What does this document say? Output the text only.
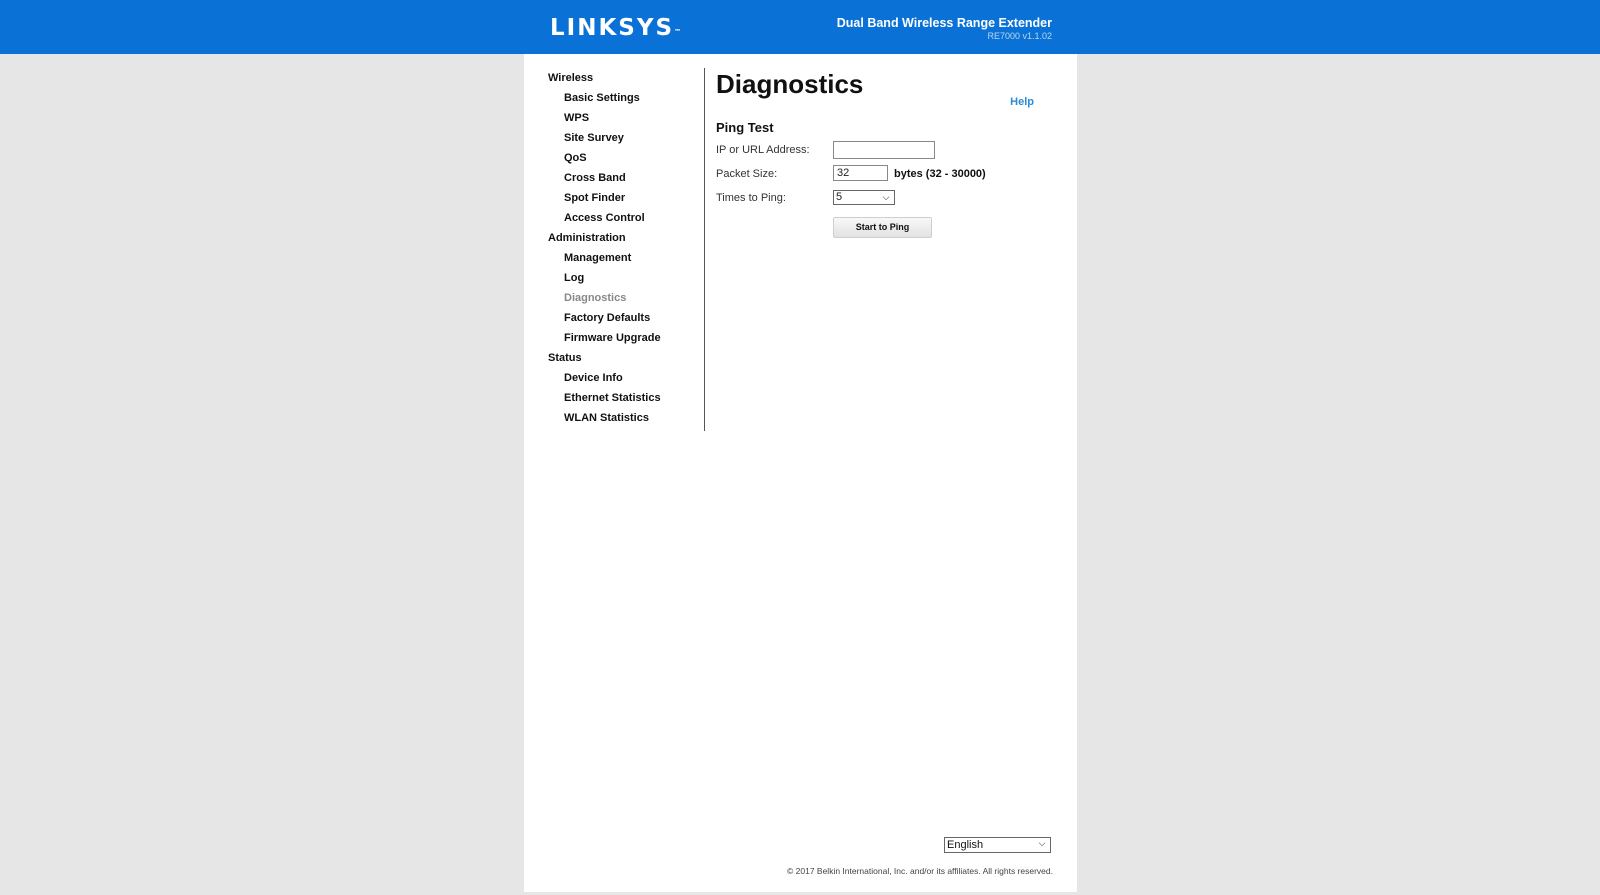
LINKSYS™
Dual Band Wireless Range Extender
RE7000 v1.1.02
Wireless
Basic Settings
WPS
Site Survey
QoS
Cross Band
Spot Finder
Access Control
Administration
Management
Log
Diagnostics
Factory Defaults
Firmware Upgrade
Status
Device Info
Ethernet Statistics
WLAN Statistics
Diagnostics
Help
Ping Test
IP or URL Address:
Packet Size:
32	bytes (32 - 30000)
Times to Ping:	5	⌵
Start to Ping
English	⌵
© 2017 Belkin International, Inc. and/or its affiliates. All rights reserved.
